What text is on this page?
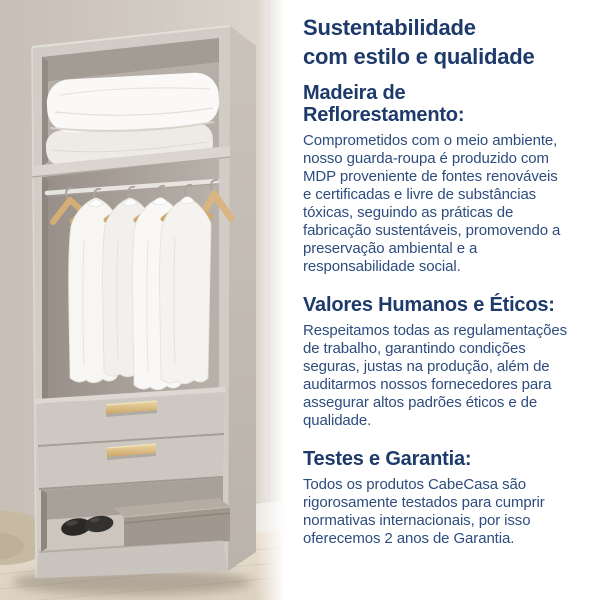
Sustentabilidade
com estilo e qualidade
Madeira de
Reflorestamento:

Comprometidos com o meio ambiente, nosso guarda-roupa é produzido com MDP proveniente de fontes renováveis e certificadas e livre de substâncias tóxicas, seguindo as práticas de fabricação sustentáveis, promovendo a preservação ambiental e a responsabilidade social.

Valores Humanos e Éticos:

Respeitamos todas as regulamentações de trabalho, garantindo condições seguras, justas na produção, além de auditarmos nossos fornecedores para assegurar altos padrões éticos e de qualidade.

Testes e Garantia:

Todos os produtos CabeCasa são rigorosamente testados para cumprir normativas internacionais, por isso oferecemos 2 anos de Garantia.
